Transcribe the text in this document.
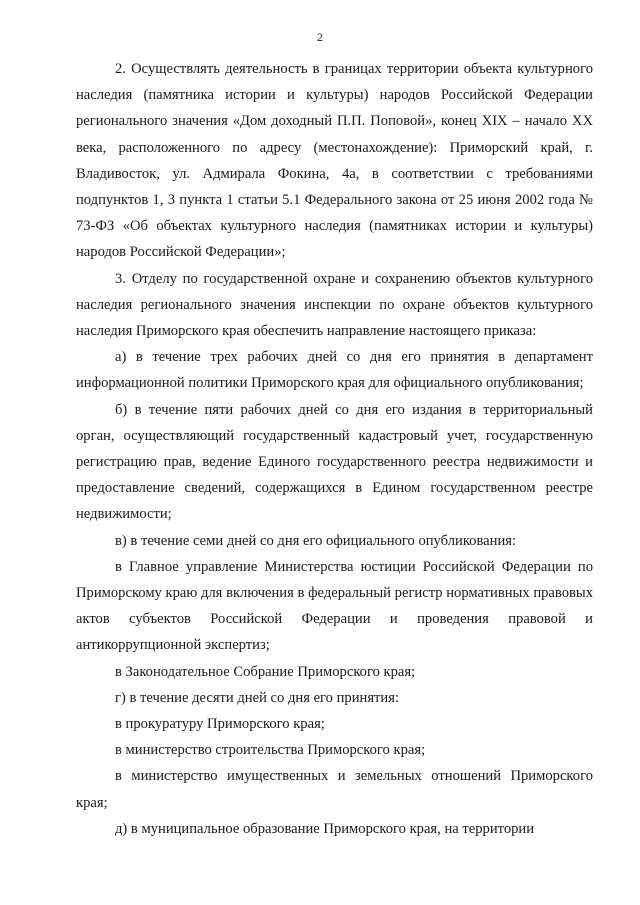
2

2. Осуществлять деятельность в границах территории объекта культурного наследия (памятника истории и культуры) народов Российской Федерации регионального значения «Дом доходный П.П. Поповой», конец XIX – начало XX века, расположенного по адресу (местонахождение): Приморский край, г. Владивосток, ул. Адмирала Фокина, 4а, в соответствии с требованиями подпунктов 1, 3 пункта 1 статьи 5.1 Федерального закона от 25 июня 2002 года № 73-ФЗ «Об объектах культурного наследия (памятниках истории и культуры) народов Российской Федерации»;

3. Отделу по государственной охране и сохранению объектов культурного наследия регионального значения инспекции по охране объектов культурного наследия Приморского края обеспечить направление настоящего приказа:

а) в течение трех рабочих дней со дня его принятия в департамент информационной политики Приморского края для официального опубликования;

б) в течение пяти рабочих дней со дня его издания в территориальный орган, осуществляющий государственный кадастровый учет, государственную регистрацию прав, ведение Единого государственного реестра недвижимости и предоставление сведений, содержащихся в Едином государственном реестре недвижимости;

в) в течение семи дней со дня его официального опубликования:

в Главное управление Министерства юстиции Российской Федерации по Приморскому краю для включения в федеральный регистр нормативных правовых актов субъектов Российской Федерации и проведения правовой и антикоррупционной экспертиз;

в Законодательное Собрание Приморского края;

г) в течение десяти дней со дня его принятия:

в прокуратуру Приморского края;

в министерство строительства Приморского края;

в министерство имущественных и земельных отношений Приморского края;

д) в муниципальное образование Приморского края, на территории
